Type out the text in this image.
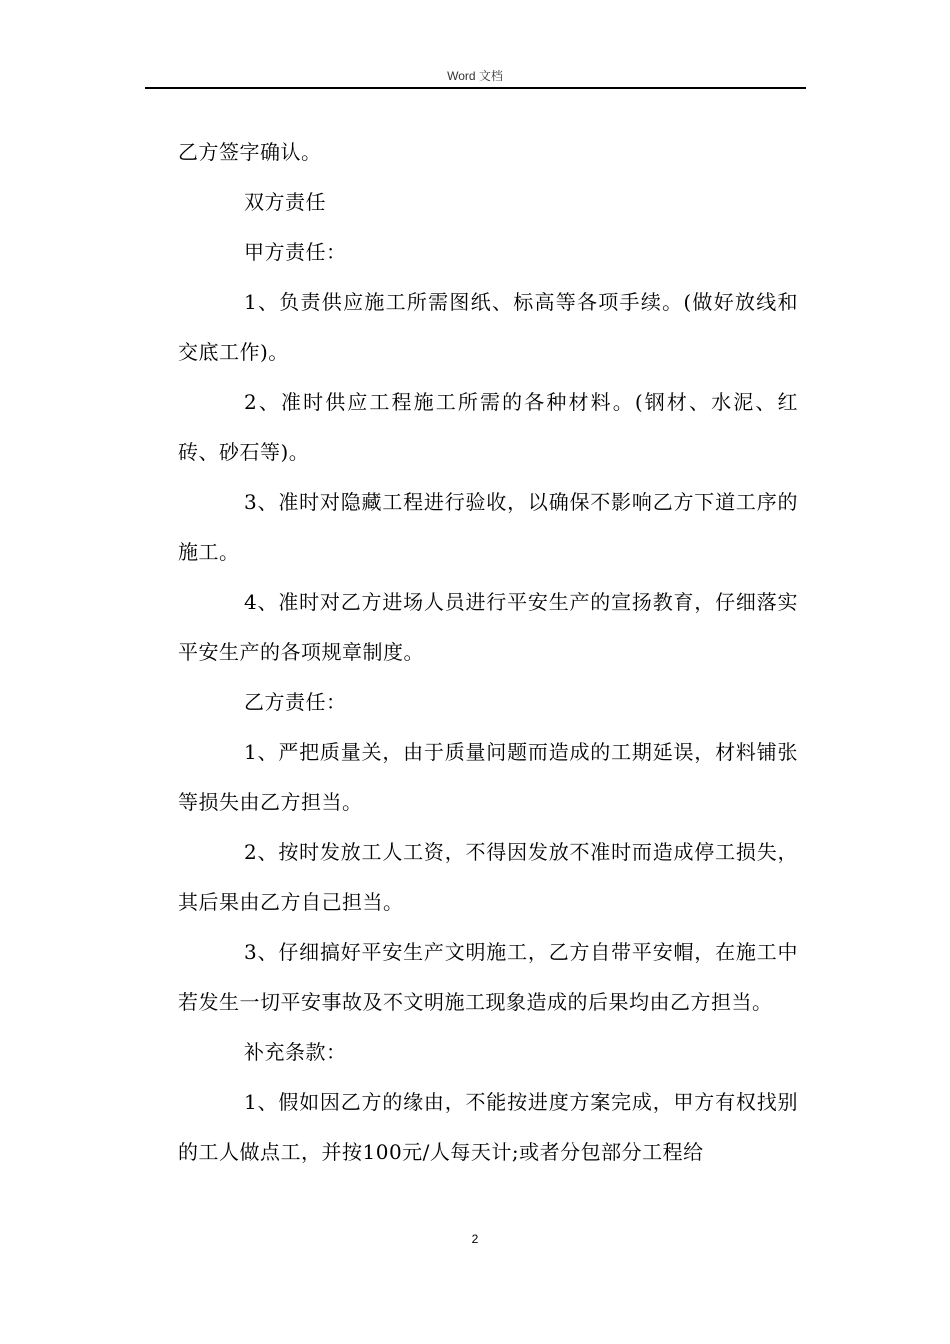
Word 文档

乙方签字确认。

双方责任

甲方责任：

1、负责供应施工所需图纸、标高等各项手续。(做好放线和交底工作)。

2、准时供应工程施工所需的各种材料。(钢材、水泥、红砖、砂石等)。

3、准时对隐藏工程进行验收，以确保不影响乙方下道工序的施工。

4、准时对乙方进场人员进行平安生产的宣扬教育，仔细落实平安生产的各项规章制度。

乙方责任：

1、严把质量关，由于质量问题而造成的工期延误，材料铺张等损失由乙方担当。

2、按时发放工人工资，不得因发放不准时而造成停工损失，其后果由乙方自己担当。

3、仔细搞好平安生产文明施工，乙方自带平安帽，在施工中若发生一切平安事故及不文明施工现象造成的后果均由乙方担当。

补充条款：

1、假如因乙方的缘由，不能按进度方案完成，甲方有权找别的工人做点工，并按100元/人每天计;或者分包部分工程给

2
